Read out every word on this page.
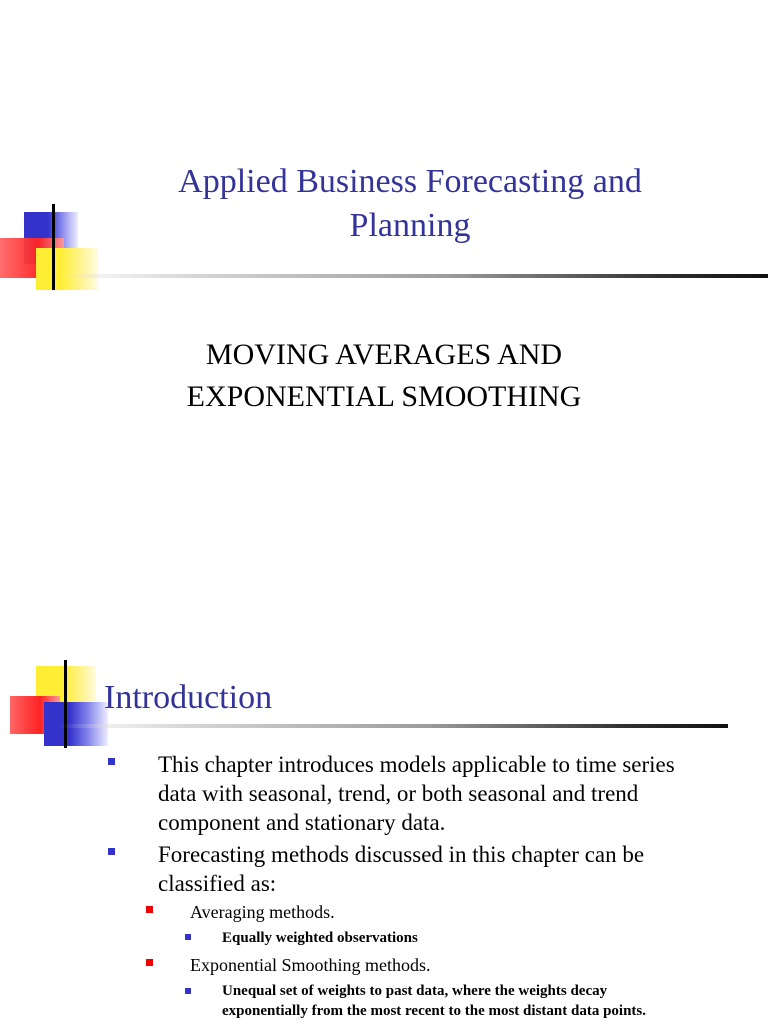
Applied Business Forecasting and
Planning
MOVING AVERAGES AND
EXPONENTIAL SMOOTHING
Introduction
This chapter introduces models applicable to time series
data with seasonal, trend, or both seasonal and trend
component and stationary data.
Forecasting methods discussed in this chapter can be
classified as:
Averaging methods.
Equally weighted observations
Exponential Smoothing methods.
Unequal set of weights to past data, where the weights decay
exponentially from the most recent to the most distant data points.
